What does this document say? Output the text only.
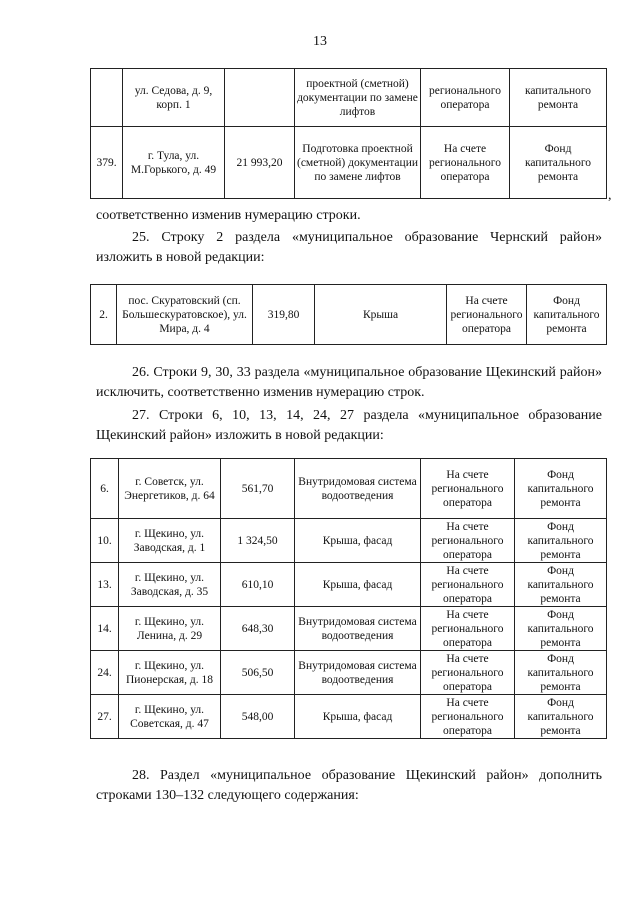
13
	ул. Седова, д. 9, корп. 1		проектной (сметной) документации по замене лифтов	регионального оператора	капитального ремонта
379.	г. Тула, ул. М.Горького, д. 49	21 993,20	Подготовка проектной (сметной) документации по замене лифтов	На счете регионального оператора	Фонд капитального ремонта
,
соответственно изменив нумерацию строки.
25. Строку 2 раздела «муниципальное образование Чернский район» изложить в новой редакции:
2.	пос. Скуратовский (сп. Большескуратовское), ул. Мира, д. 4	319,80	Крыша	На счете регионального оператора	Фонд капитального ремонта
26. Строки 9, 30, 33 раздела «муниципальное образование Щекинский район» исключить, соответственно изменив нумерацию строк.
27. Строки 6, 10, 13, 14, 24, 27 раздела «муниципальное образование Щекинский район» изложить в новой редакции:
6.	г. Советск, ул. Энергетиков, д. 64	561,70	Внутридомовая система водоотведения	На счете регионального оператора	Фонд капитального ремонта
10.	г. Щекино, ул. Заводская, д. 1	1 324,50	Крыша, фасад	На счете регионального оператора	Фонд капитального ремонта
13.	г. Щекино, ул. Заводская, д. 35	610,10	Крыша, фасад	На счете регионального оператора	Фонд капитального ремонта
14.	г. Щекино, ул. Ленина, д. 29	648,30	Внутридомовая система водоотведения	На счете регионального оператора	Фонд капитального ремонта
24.	г. Щекино, ул. Пионерская, д. 18	506,50	Внутридомовая система водоотведения	На счете регионального оператора	Фонд капитального ремонта
27.	г. Щекино, ул. Советская, д. 47	548,00	Крыша, фасад	На счете регионального оператора	Фонд капитального ремонта
28. Раздел «муниципальное образование Щекинский район» дополнить строками 130–132 следующего содержания:
